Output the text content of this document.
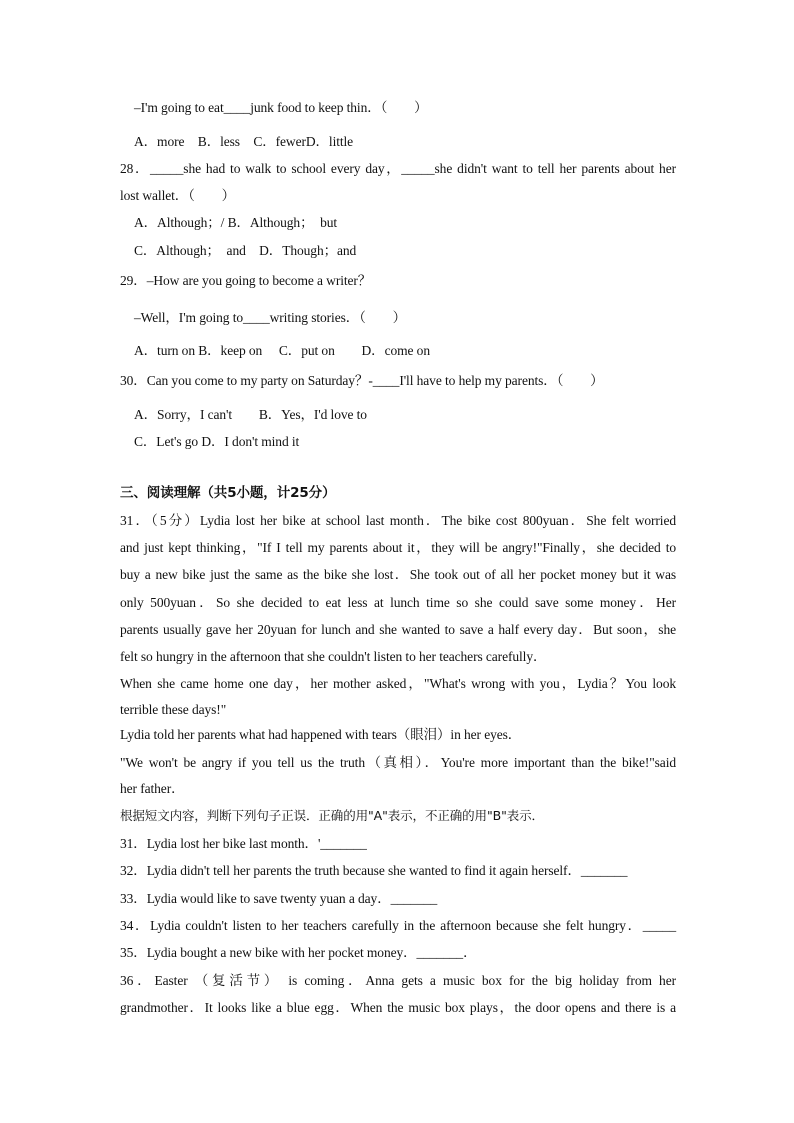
–I'm going to eat____junk food to keep thin．（　　）
A．more　B．less　C．fewerD．little
28．_____she had to walk to school every day，_____she didn't want to tell her parents about her
lost wallet．（　　）
A．Although；/ B．Although；　but
C．Although；　and　D．Though；and
29．–How are you going to become a writer？
–Well，I'm going to____writing stories．（　　）
A．turn on B．keep on　 C．put on　　D．come on
30．Can you come to my party on Saturday？-____I'll have to help my parents．（　　）
A．Sorry，I can't　　B．Yes，I'd love to
C．Let's go D．I don't mind it
三、阅读理解（共5小题，计25分）
31．（5分）Lydia lost her bike at school last month．The bike cost 800yuan．She felt worried
and just kept thinking，"If I tell my parents about it，they will be angry!"Finally，she decided to
buy a new bike just the same as the bike she lost．She took out of all her pocket money but it was
only 500yuan．So she decided to eat less at lunch time so she could save some money．Her
parents usually gave her 20yuan for lunch and she wanted to save a half every day．But soon，she
felt so hungry in the afternoon that she couldn't listen to her teachers carefully．
When she came home one day，her mother asked，"What's wrong with you，Lydia？You look
terrible these days!"
Lydia told her parents what had happened with tears（眼泪）in her eyes．
"We won't be angry if you tell us the truth（真相）．You're more important than the bike!"said
her father．
根据短文内容，判断下列句子正误．正确的用"A"表示，不正确的用"B"表示．
31．Lydia lost her bike last month．'_______
32．Lydia didn't tell her parents the truth because she wanted to find it again herself．_______
33．Lydia would like to save twenty yuan a day．_______
34．Lydia couldn't listen to her teachers carefully in the afternoon because she felt hungry．_____
35．Lydia bought a new bike with her pocket money．_______．
36．Easter （复活节） is coming．Anna gets a music box for the big holiday from her
grandmother．It looks like a blue egg．When the music box plays，the door opens and there is a
